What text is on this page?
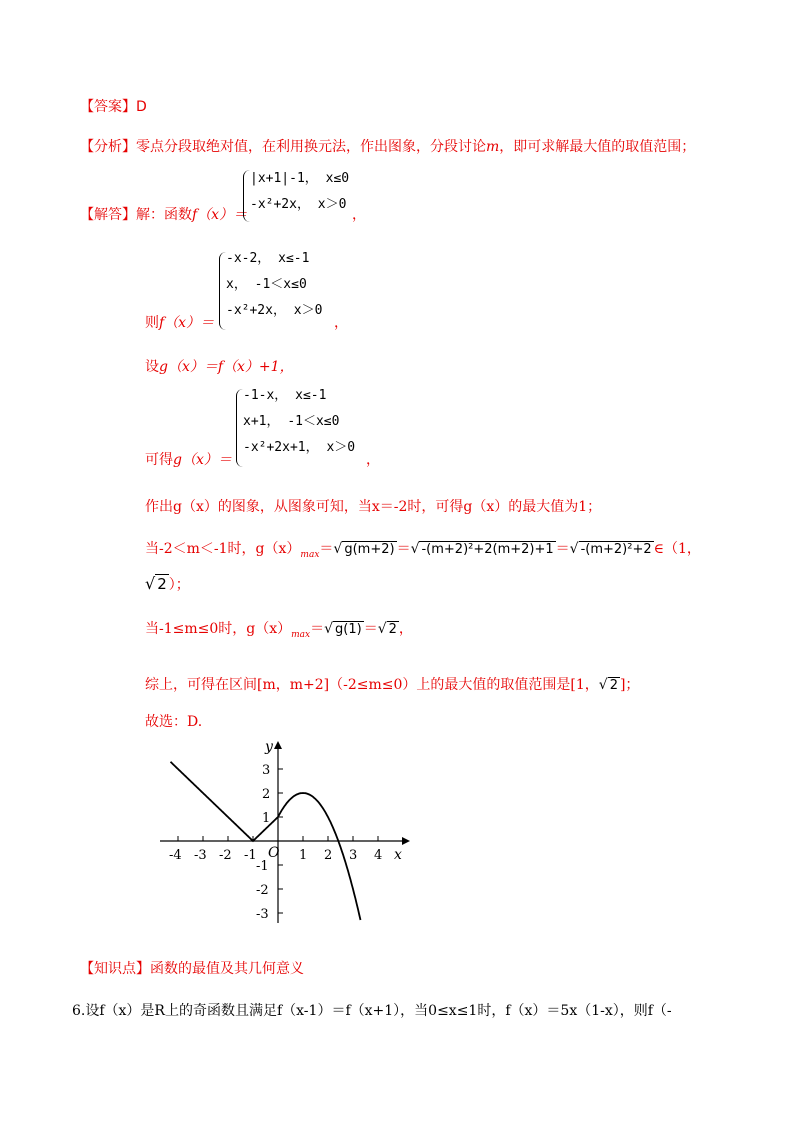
【答案】D
【分析】零点分段取绝对值，在利用换元法，作出图象，分段讨论m，即可求解最大值的取值范围；
【解答】解：函数f（x）＝
|x+1|-1， x≤0
-x²+2x， x＞0
，
则f（x）＝
-x-2， x≤-1
x， -1＜x≤0
-x²+2x， x＞0
，
设g（x）＝f（x）+1，
可得g（x）＝
-1-x， x≤-1
x+1， -1＜x≤0
-x²+2x+1， x＞0
，
作出g（x）的图象，从图象可知，当x＝-2时，可得g（x）的最大值为1；
当-2＜m＜-1时，$g(x)_{max}=√$ g(m+2) ＝√ -(m+2)²+2(m+2)+1 ＝√ -(m+2)²+2 ∈（1，
√ 2 ）；
当-1≤m≤0时，$g(x)_{max}=√$ g(1) ＝√ 2 ，
综上，可得在区间[m，m+2]（-2≤m≤0）上的最大值的取值范围是[1，√ 2 ]；
故选：D.
-4 -3 -2 -1	1 2 3 4
3
2
1
-1
-2
-3
O	x
y
【知识点】函数的最值及其几何意义
6.设f（x）是R上的奇函数且满足f（x-1）＝f（x+1），当0≤x≤1时，f（x）＝5x（1-x），则f（-
